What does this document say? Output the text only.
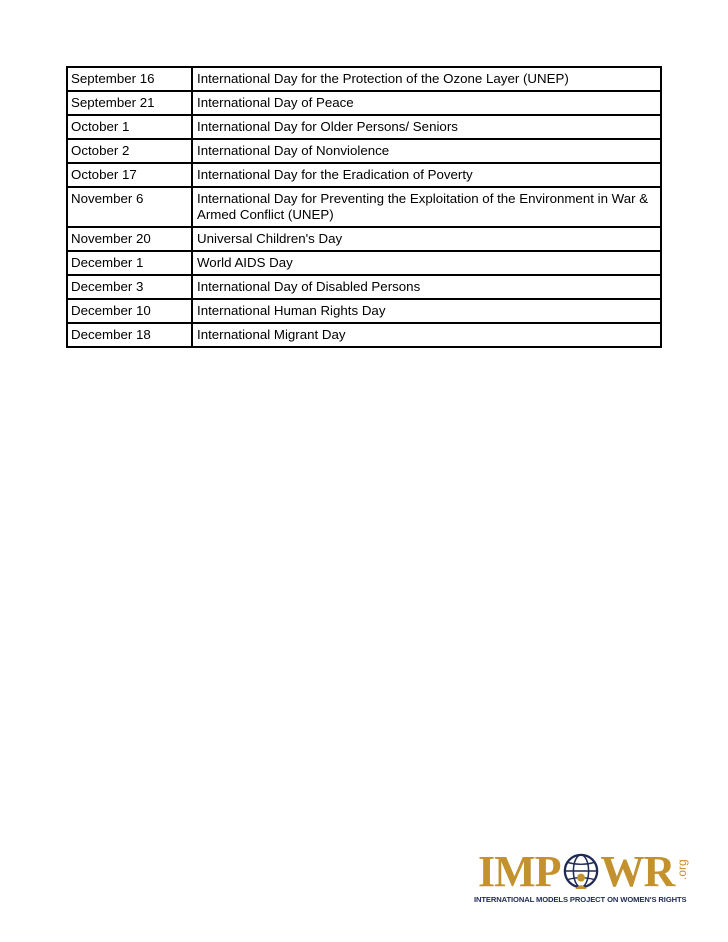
September 16	International Day for the Protection of the Ozone Layer (UNEP)
September 21	International Day of Peace
October 1	International Day for Older Persons/ Seniors
October 2	International Day of Nonviolence
October 17	International Day for the Eradication of Poverty
November 6	International Day for Preventing the Exploitation of the Environment in War & Armed Conflict (UNEP)
November 20	Universal Children's Day
December 1	World AIDS Day
December 3	International Day of Disabled Persons
December 10	International Human Rights Day
December 18	International Migrant Day
IMP WR .org
INTERNATIONAL MODELS PROJECT ON WOMEN'S RIGHTS
